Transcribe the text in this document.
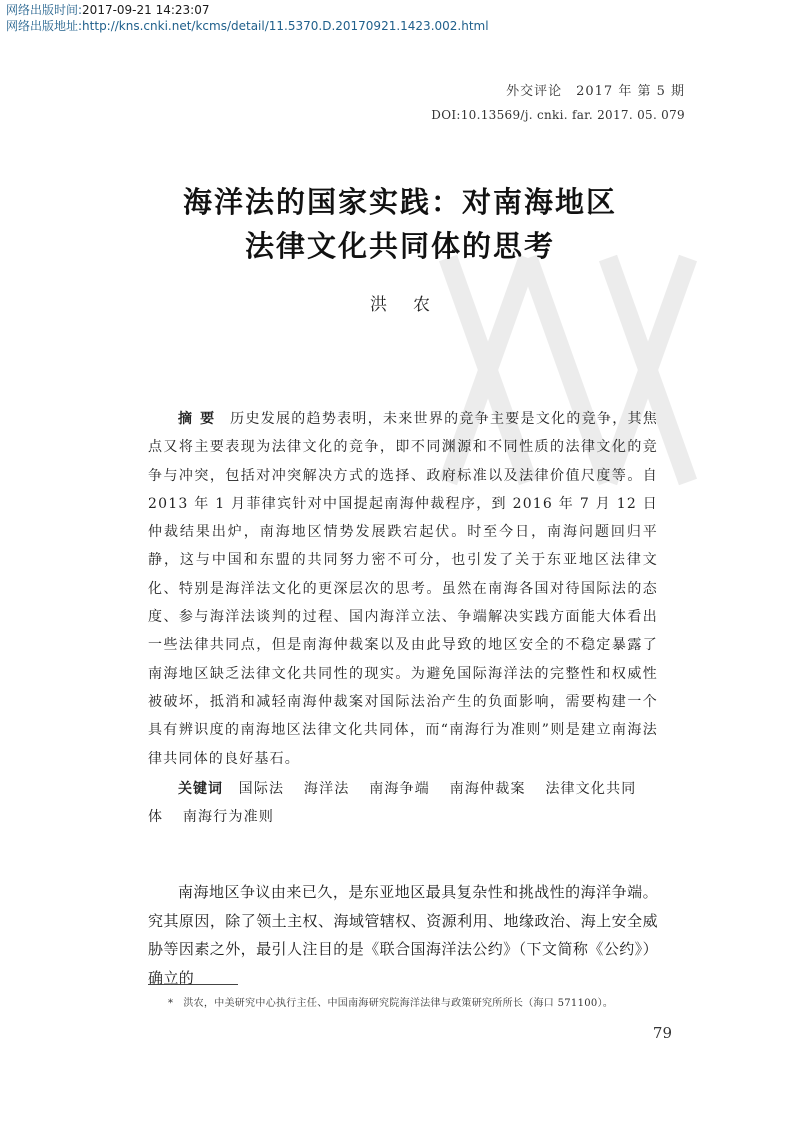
网络出版时间:2017-09-21 14:23:07
网络出版地址:http://kns.cnki.net/kcms/detail/11.5370.D.20170921.1423.002.html
外交评论　2017 年 第 5 期
DOI:10.13569/j. cnki. far. 2017. 05. 079
海洋法的国家实践：对南海地区
法律文化共同体的思考
洪农
摘要 历史发展的趋势表明，未来世界的竞争主要是文化的竞争，其焦点又将主要表现为法律文化的竞争，即不同渊源和不同性质的法律文化的竞争与冲突，包括对冲突解决方式的选择、政府标准以及法律价值尺度等。自 2013 年 1 月菲律宾针对中国提起南海仲裁程序，到 2016 年 7 月 12 日仲裁结果出炉，南海地区情势发展跌宕起伏。时至今日，南海问题回归平静，这与中国和东盟的共同努力密不可分，也引发了关于东亚地区法律文化、特别是海洋法文化的更深层次的思考。虽然在南海各国对待国际法的态度、参与海洋法谈判的过程、国内海洋立法、争端解决实践方面能大体看出一些法律共同点，但是南海仲裁案以及由此导致的地区安全的不稳定暴露了南海地区缺乏法律文化共同性的现实。为避免国际海洋法的完整性和权威性被破坏，抵消和减轻南海仲裁案对国际法治产生的负面影响，需要构建一个具有辨识度的南海地区法律文化共同体，而“南海行为准则”则是建立南海法律共同体的良好基石。
关键词 国际法 海洋法 南海争端 南海仲裁案 法律文化共同体 南海行为准则
南海地区争议由来已久，是东亚地区最具复杂性和挑战性的海洋争端。究其原因，除了领土主权、海域管辖权、资源利用、地缘政治、海上安全威胁等因素之外，最引人注目的是《联合国海洋法公约》（下文简称《公约》）确立的
* 洪农，中美研究中心执行主任、中国南海研究院海洋法律与政策研究所所长（海口 571100）。
79
